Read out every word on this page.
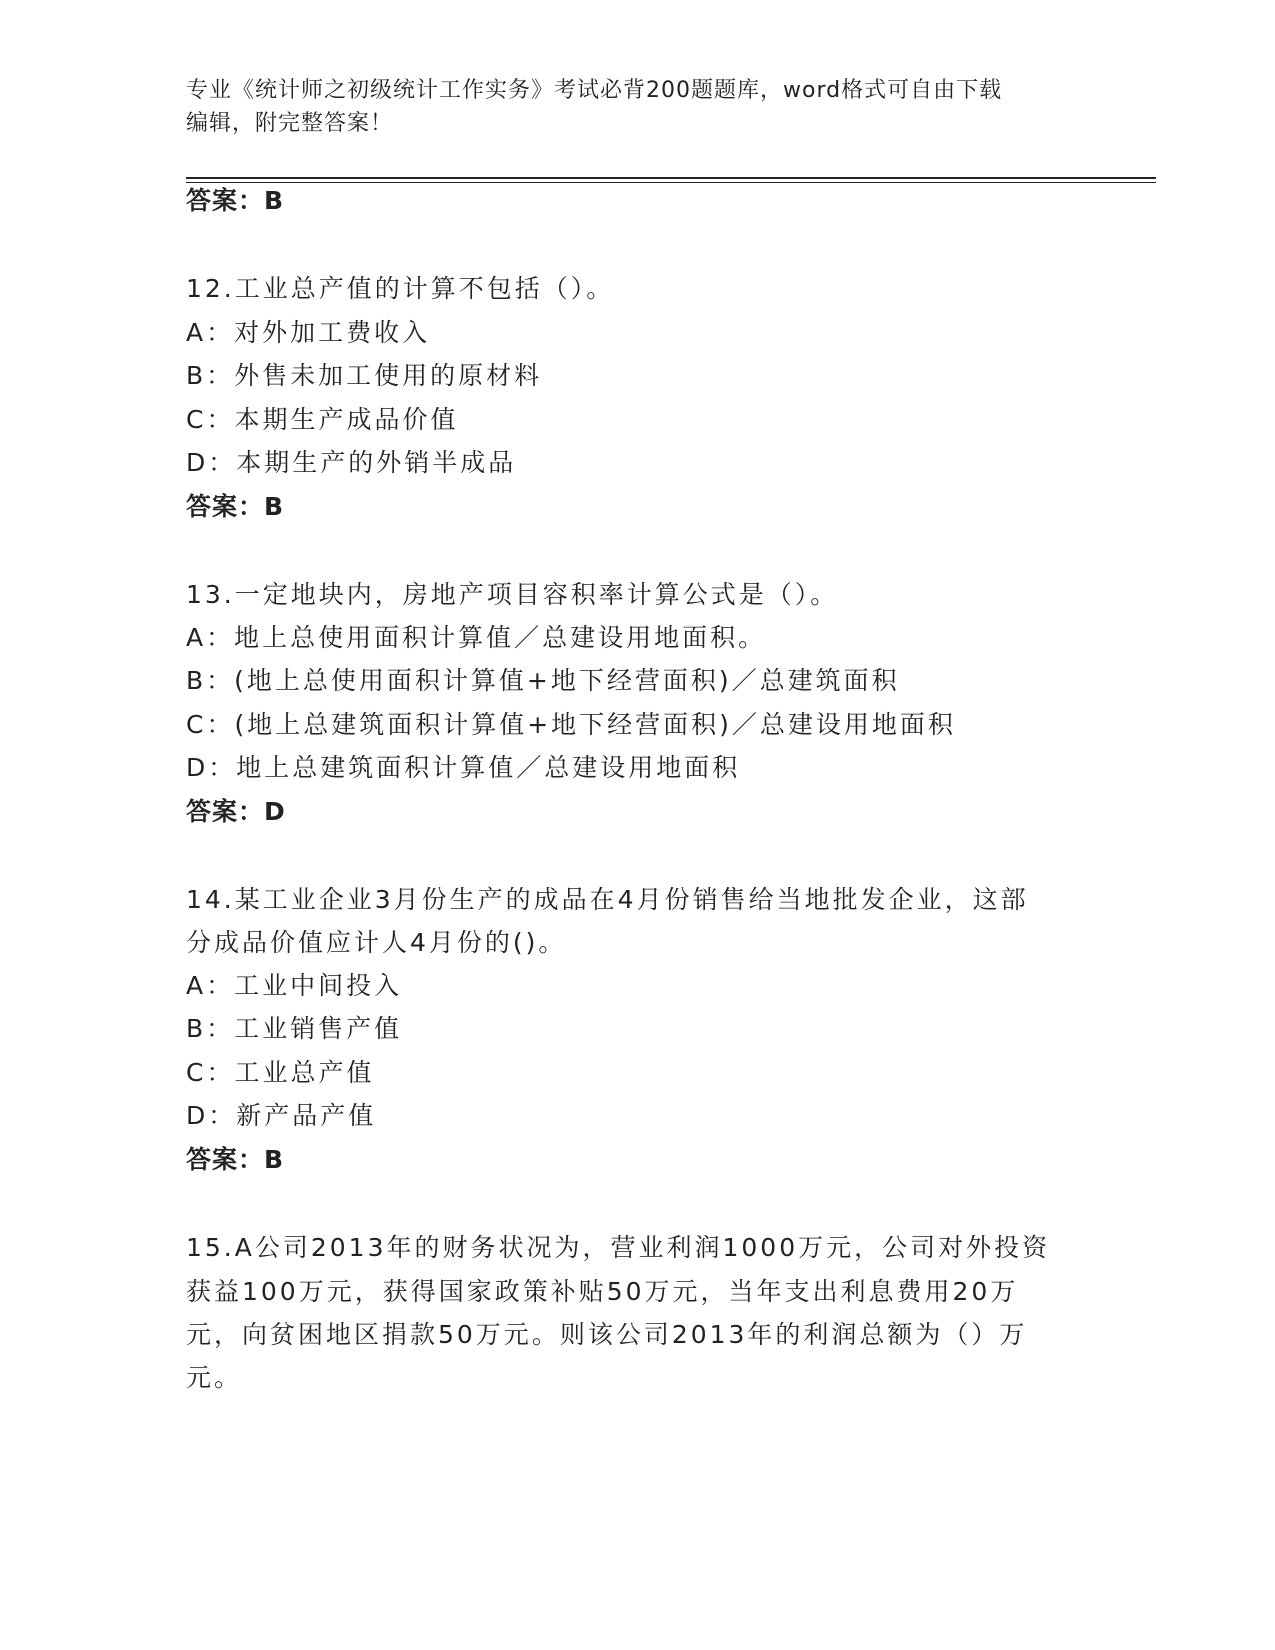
专业《统计师之初级统计工作实务》考试必背200题题库，word格式可自由下载
编辑，附完整答案！
答案：B
12.工业总产值的计算不包括（）。
A：对外加工费收入
B：外售未加工使用的原材料
C：本期生产成品价值
D：本期生产的外销半成品
答案：B
13.一定地块内，房地产项目容积率计算公式是（）。
A：地上总使用面积计算值／总建设用地面积。
B：(地上总使用面积计算值+地下经营面积)／总建筑面积
C：(地上总建筑面积计算值+地下经营面积)／总建设用地面积
D：地上总建筑面积计算值／总建设用地面积
答案：D
14.某工业企业3月份生产的成品在4月份销售给当地批发企业，这部
分成品价值应计人4月份的()。
A：工业中间投入
B：工业销售产值
C：工业总产值
D：新产品产值
答案：B
15.A公司2013年的财务状况为，营业利润1000万元，公司对外投资
获益100万元，获得国家政策补贴50万元，当年支出利息费用20万
元，向贫困地区捐款50万元。则该公司2013年的利润总额为（）万
元。
